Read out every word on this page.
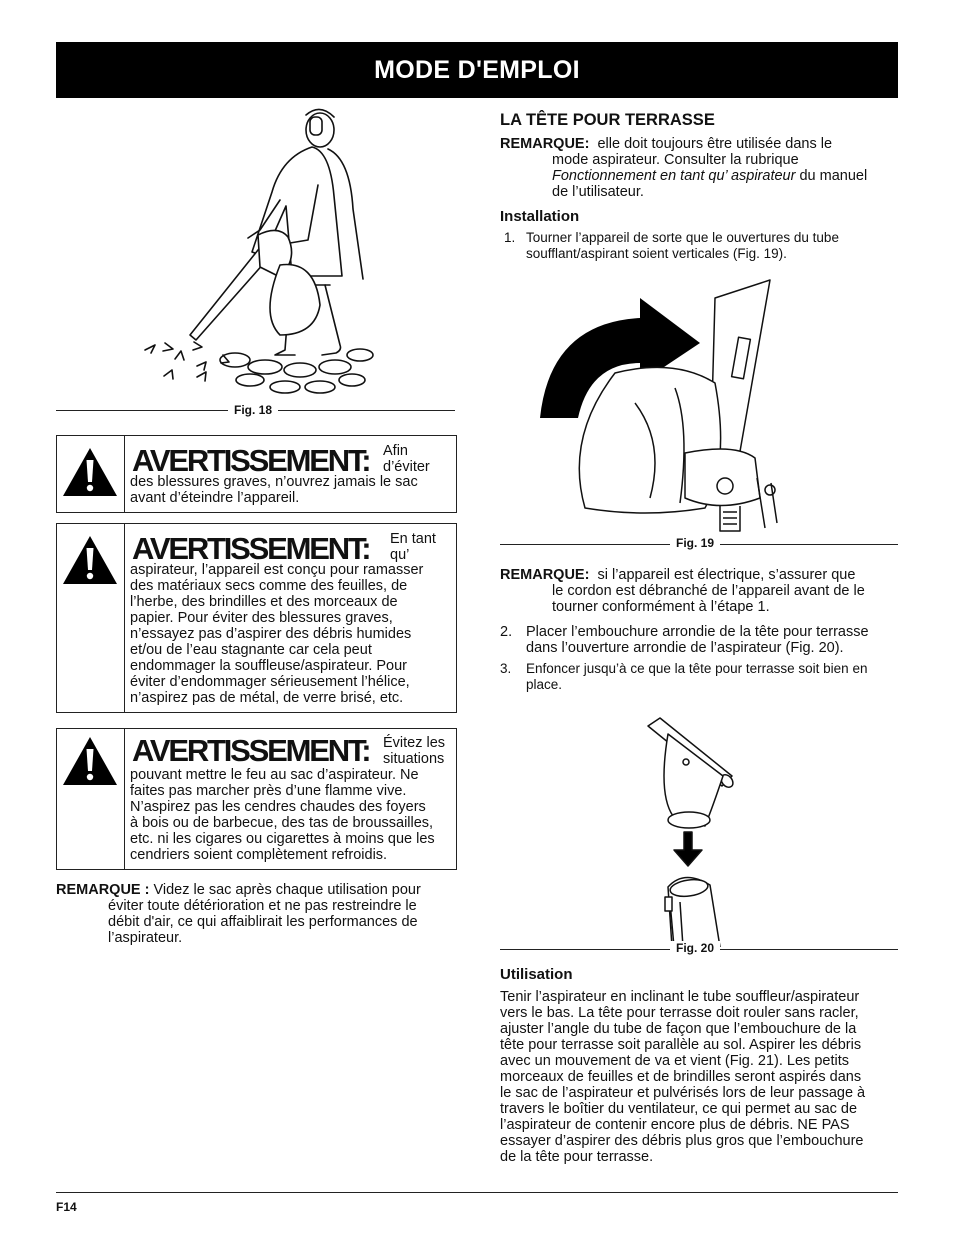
MODE D'EMPLOI
Fig. 18
AVERTISSEMENT: Afin
d’éviter
des blessures graves, n’ouvrez jamais le sac
avant d’éteindre l’appareil.
AVERTISSEMENT: En tant
qu’
aspirateur, l’appareil est conçu pour ramasser
des matériaux secs comme des feuilles, de
l’herbe, des brindilles et des morceaux de
papier. Pour éviter des blessures graves,
n’essayez pas d’aspirer des débris humides
et/ou de l’eau stagnante car cela peut
endommager la souffleuse/aspirateur. Pour
éviter d’endommager sérieusement l’hélice,
n’aspirez pas de métal, de verre brisé, etc.
AVERTISSEMENT: Évitez les
situations
pouvant mettre le feu au sac d’aspirateur. Ne
faites pas marcher près d’une flamme vive.
N’aspirez pas les cendres chaudes des foyers
à bois ou de barbecue, des tas de broussailles,
etc. ni les cigares ou cigarettes à moins que les
cendriers soient complètement refroidis.
REMARQUE : Videz le sac après chaque utilisation pour
éviter toute détérioration et ne pas restreindre le
débit d'air, ce qui affaiblirait les performances de
l’aspirateur.
LA TÊTE POUR TERRASSE
REMARQUE: elle doit toujours être utilisée dans le
mode aspirateur. Consulter la rubrique
Fonctionnement en tant qu’ aspirateur du manuel
de l’utilisateur.
Installation
1. Tourner l’appareil de sorte que le ouvertures du tube
soufflant/aspirant soient verticales (Fig. 19).
Fig. 19
REMARQUE: si l’appareil est électrique, s’assurer que
le cordon est débranché de l’appareil avant de le
tourner conformément à l’étape 1.
2. Placer l’embouchure arrondie de la tête pour terrasse
dans l’ouverture arrondie de l’aspirateur (Fig. 20).
3.	Enfoncer jusqu’à ce que la tête pour terrasse soit bien en
place.
Fig. 20
Utilisation
Tenir l’aspirateur en inclinant le tube souffleur/aspirateur
vers le bas. La tête pour terrasse doit rouler sans racler,
ajuster l’angle du tube de façon que l’embouchure de la
tête pour terrasse soit parallèle au sol. Aspirer les débris
avec un mouvement de va et vient (Fig. 21). Les petits
morceaux de feuilles et de brindilles seront aspirés dans
le sac de l’aspirateur et pulvérisés lors de leur passage à
travers le boîtier du ventilateur, ce qui permet au sac de
l’aspirateur de contenir encore plus de débris. NE PAS
essayer d’aspirer des débris plus gros que l’embouchure
de la tête pour terrasse.
F14
